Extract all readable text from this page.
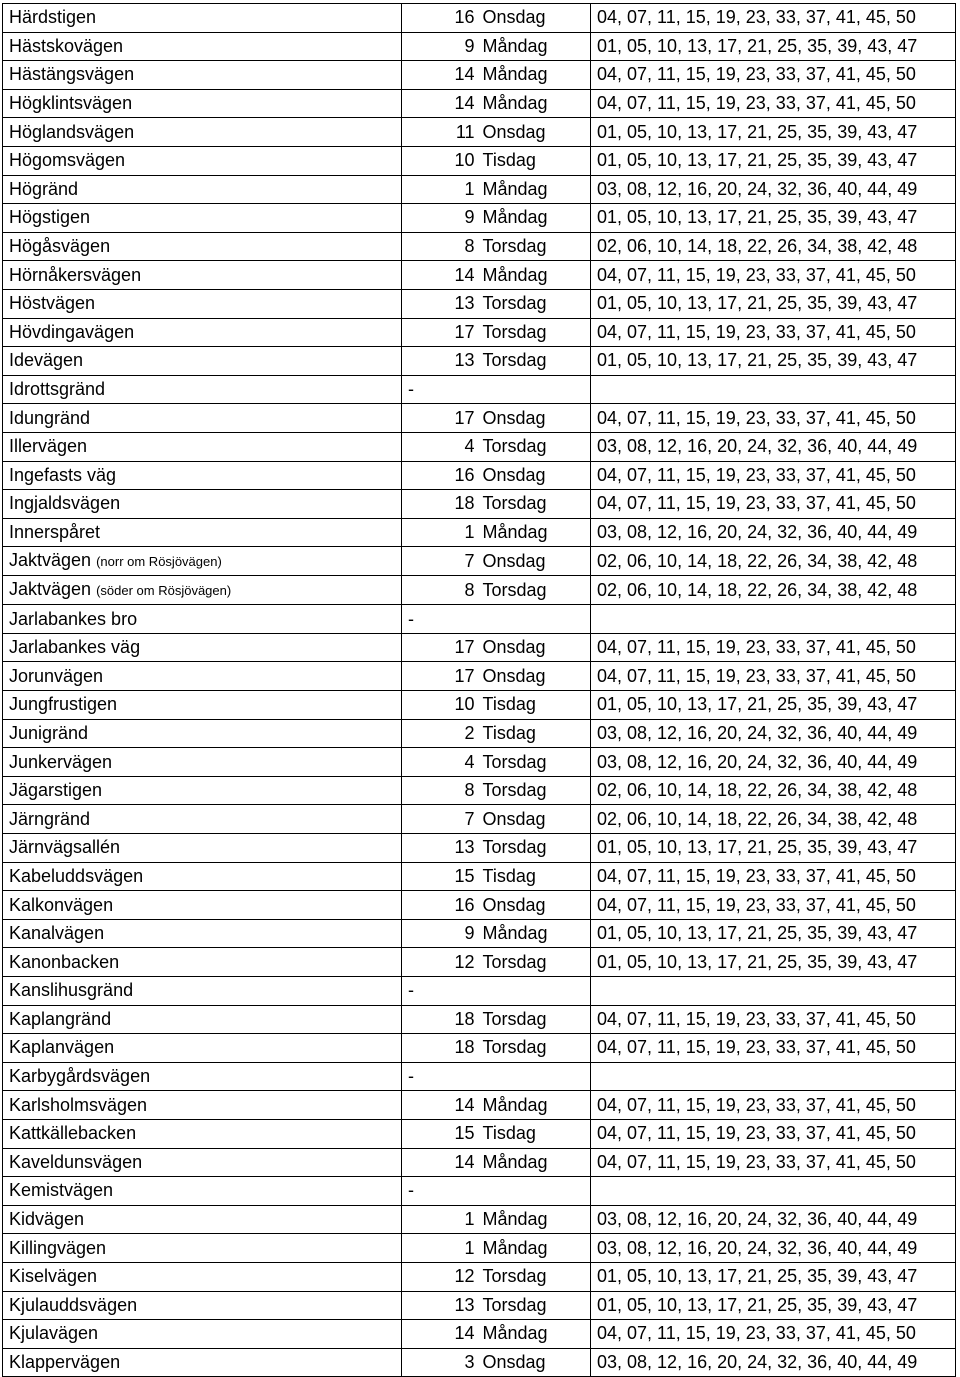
Härdstigen	16	Onsdag	04, 07, 11, 15, 19, 23, 33, 37, 41, 45, 50
Hästskovägen	9	Måndag	01, 05, 10, 13, 17, 21, 25, 35, 39, 43, 47
Hästängsvägen	14	Måndag	04, 07, 11, 15, 19, 23, 33, 37, 41, 45, 50
Högklintsvägen	14	Måndag	04, 07, 11, 15, 19, 23, 33, 37, 41, 45, 50
Höglandsvägen	11	Onsdag	01, 05, 10, 13, 17, 21, 25, 35, 39, 43, 47
Högomsvägen	10	Tisdag	01, 05, 10, 13, 17, 21, 25, 35, 39, 43, 47
Högränd	1	Måndag	03, 08, 12, 16, 20, 24, 32, 36, 40, 44, 49
Högstigen	9	Måndag	01, 05, 10, 13, 17, 21, 25, 35, 39, 43, 47
Högåsvägen	8	Torsdag	02, 06, 10, 14, 18, 22, 26, 34, 38, 42, 48
Hörnåkersvägen	14	Måndag	04, 07, 11, 15, 19, 23, 33, 37, 41, 45, 50
Höstvägen	13	Torsdag	01, 05, 10, 13, 17, 21, 25, 35, 39, 43, 47
Hövdingavägen	17	Torsdag	04, 07, 11, 15, 19, 23, 33, 37, 41, 45, 50
Idevägen	13	Torsdag	01, 05, 10, 13, 17, 21, 25, 35, 39, 43, 47
Idrottsgränd	-		
Idungränd	17	Onsdag	04, 07, 11, 15, 19, 23, 33, 37, 41, 45, 50
Illervägen	4	Torsdag	03, 08, 12, 16, 20, 24, 32, 36, 40, 44, 49
Ingefasts väg	16	Onsdag	04, 07, 11, 15, 19, 23, 33, 37, 41, 45, 50
Ingjaldsvägen	18	Torsdag	04, 07, 11, 15, 19, 23, 33, 37, 41, 45, 50
Innerspåret	1	Måndag	03, 08, 12, 16, 20, 24, 32, 36, 40, 44, 49
Jaktvägen (norr om Rösjövägen)	7	Onsdag	02, 06, 10, 14, 18, 22, 26, 34, 38, 42, 48
Jaktvägen (söder om Rösjövägen)	8	Torsdag	02, 06, 10, 14, 18, 22, 26, 34, 38, 42, 48
Jarlabankes bro	-		
Jarlabankes väg	17	Onsdag	04, 07, 11, 15, 19, 23, 33, 37, 41, 45, 50
Jorunvägen	17	Onsdag	04, 07, 11, 15, 19, 23, 33, 37, 41, 45, 50
Jungfrustigen	10	Tisdag	01, 05, 10, 13, 17, 21, 25, 35, 39, 43, 47
Junigränd	2	Tisdag	03, 08, 12, 16, 20, 24, 32, 36, 40, 44, 49
Junkervägen	4	Torsdag	03, 08, 12, 16, 20, 24, 32, 36, 40, 44, 49
Jägarstigen	8	Torsdag	02, 06, 10, 14, 18, 22, 26, 34, 38, 42, 48
Järngränd	7	Onsdag	02, 06, 10, 14, 18, 22, 26, 34, 38, 42, 48
Järnvägsallén	13	Torsdag	01, 05, 10, 13, 17, 21, 25, 35, 39, 43, 47
Kabeluddsvägen	15	Tisdag	04, 07, 11, 15, 19, 23, 33, 37, 41, 45, 50
Kalkonvägen	16	Onsdag	04, 07, 11, 15, 19, 23, 33, 37, 41, 45, 50
Kanalvägen	9	Måndag	01, 05, 10, 13, 17, 21, 25, 35, 39, 43, 47
Kanonbacken	12	Torsdag	01, 05, 10, 13, 17, 21, 25, 35, 39, 43, 47
Kanslihusgränd	-		
Kaplangränd	18	Torsdag	04, 07, 11, 15, 19, 23, 33, 37, 41, 45, 50
Kaplanvägen	18	Torsdag	04, 07, 11, 15, 19, 23, 33, 37, 41, 45, 50
Karbygårdsvägen	-		
Karlsholmsvägen	14	Måndag	04, 07, 11, 15, 19, 23, 33, 37, 41, 45, 50
Kattkällebacken	15	Tisdag	04, 07, 11, 15, 19, 23, 33, 37, 41, 45, 50
Kaveldunsvägen	14	Måndag	04, 07, 11, 15, 19, 23, 33, 37, 41, 45, 50
Kemistvägen	-		
Kidvägen	1	Måndag	03, 08, 12, 16, 20, 24, 32, 36, 40, 44, 49
Killingvägen	1	Måndag	03, 08, 12, 16, 20, 24, 32, 36, 40, 44, 49
Kiselvägen	12	Torsdag	01, 05, 10, 13, 17, 21, 25, 35, 39, 43, 47
Kjulauddsvägen	13	Torsdag	01, 05, 10, 13, 17, 21, 25, 35, 39, 43, 47
Kjulavägen	14	Måndag	04, 07, 11, 15, 19, 23, 33, 37, 41, 45, 50
Klappervägen	3	Onsdag	03, 08, 12, 16, 20, 24, 32, 36, 40, 44, 49
